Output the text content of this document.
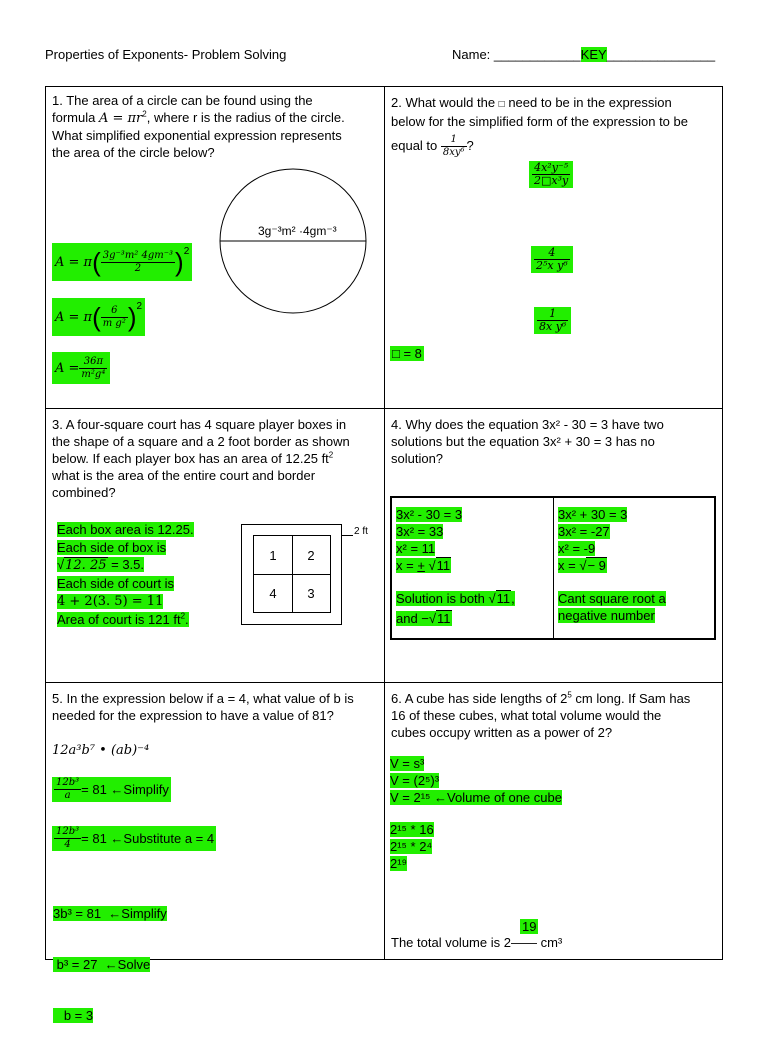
Properties of Exponents- Problem Solving	Name: ____________KEY_______________
1. The area of a circle can be found using the
formula $A = \pi r^2$, where r is the radius of the circle.
What simplified exponential expression represents
the area of the circle below?
3g⁻³m² ·4gm⁻³
A = π ( $\frac{\text{3g⁻³m² 4gm⁻³}}{2} )^2$
A = π ( $\frac{6}{\text{m g²}} )^2$
$A = \frac{36\pi}{\text{m²g⁴}}$
2. What would the □ need to be in the expression
below for the simplified form of the expression to be
equal to $\frac{1}{\text{8xy⁶}}$ ?
$\frac{\text{4x²y⁻⁵}}{\text{2□x³y}}$
$\frac{4}{\text{2⁵x y⁶}}$
$\frac{1}{\text{8x y⁶}}$
□ = 8
3. A four-square court has 4 square player boxes in
the shape of a square and a 2 foot border as shown
below. If each player box has an area of 12.25 $ft^2$
what is the area of the entire court and border
combined?
Each box area is 12.25.
Each side of box is
√12. 25 = 3.5.
Each side of court is
4 + 2(3. 5) = 11
Area of court is 121 $ft^2$.
1	2
4	3
2 ft
4. Why does the equation 3x² - 30 = 3 have two
solutions but the equation 3x² + 30 = 3 has no
solution?
3x² - 30 = 3
3x² = 33
x² = 11
x = + √11
Solution is both √11,
and −√11
3x² + 30 = 3
3x² = -27
x² = -9
x = √− 9
Cant square root a
negative number
5. In the expression below if a = 4, what value of b is
needed for the expression to have a value of 81?
12a³b⁷ • (ab)⁻⁴
$\frac{\text{12b³}}{a} = 81$ ←Simplify
$\frac{\text{12b³}}{4} = 81$ ←Substitute a = 4

3b³ = 81  ←Simplify

b³ = 27  ←Solve

b = 3

6. A cube has side lengths of $2^5$ cm long. If Sam has
16 of these cubes, what total volume would the
cubes occupy written as a power of 2?
V = s³
V = (2⁵)³
V = 2¹⁵ ←Volume of one cube
2¹⁵ * 16
2¹⁵ * 2⁴
2¹⁹
19
The total volume is 2—— cm³
